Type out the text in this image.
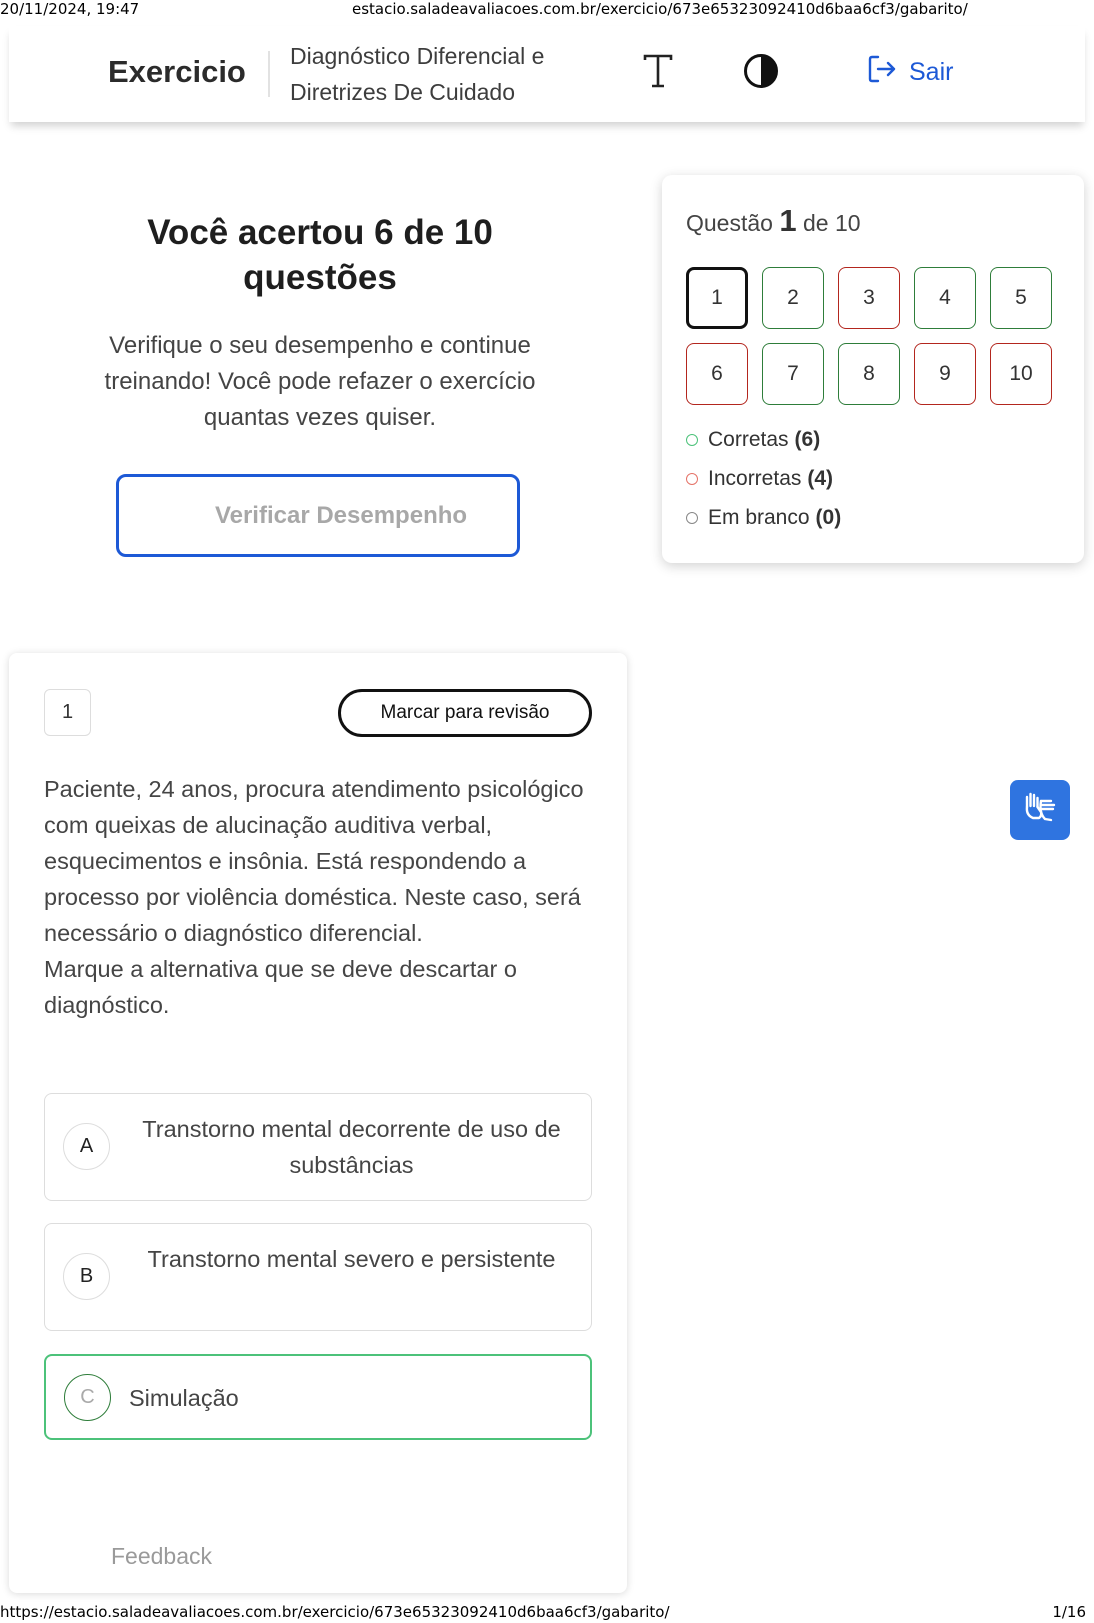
20/11/2024, 19:47	estacio.saladeavaliacoes.com.br/exercicio/673e65323092410d6baa6cf3/gabarito/
Exercicio Diagnóstico Diferencial e Diretrizes De Cuidado
Sair
Você acertou 6 de 10 questões

Verifique o seu desempenho e continue treinando! Você pode refazer o exercício quantas vezes quiser.

Verificar Desempenho
Questão 1 de 10
1	2	3	4	5
6	7	8	9	10
Corretas (6)
Incorretas (4)
Em branco (0)
1	Marcar para revisão
Paciente, 24 anos, procura atendimento psicológico com queixas de alucinação auditiva verbal, esquecimentos e insônia. Está respondendo a processo por violência doméstica. Neste caso, será necessário o diagnóstico diferencial.
Marque a alternativa que se deve descartar o diagnóstico.
A
Transtorno mental decorrente de uso de substâncias
B
Transtorno mental severo e persistente
C	Simulação
Feedback
https://estacio.saladeavaliacoes.com.br/exercicio/673e65323092410d6baa6cf3/gabarito/	1/16
